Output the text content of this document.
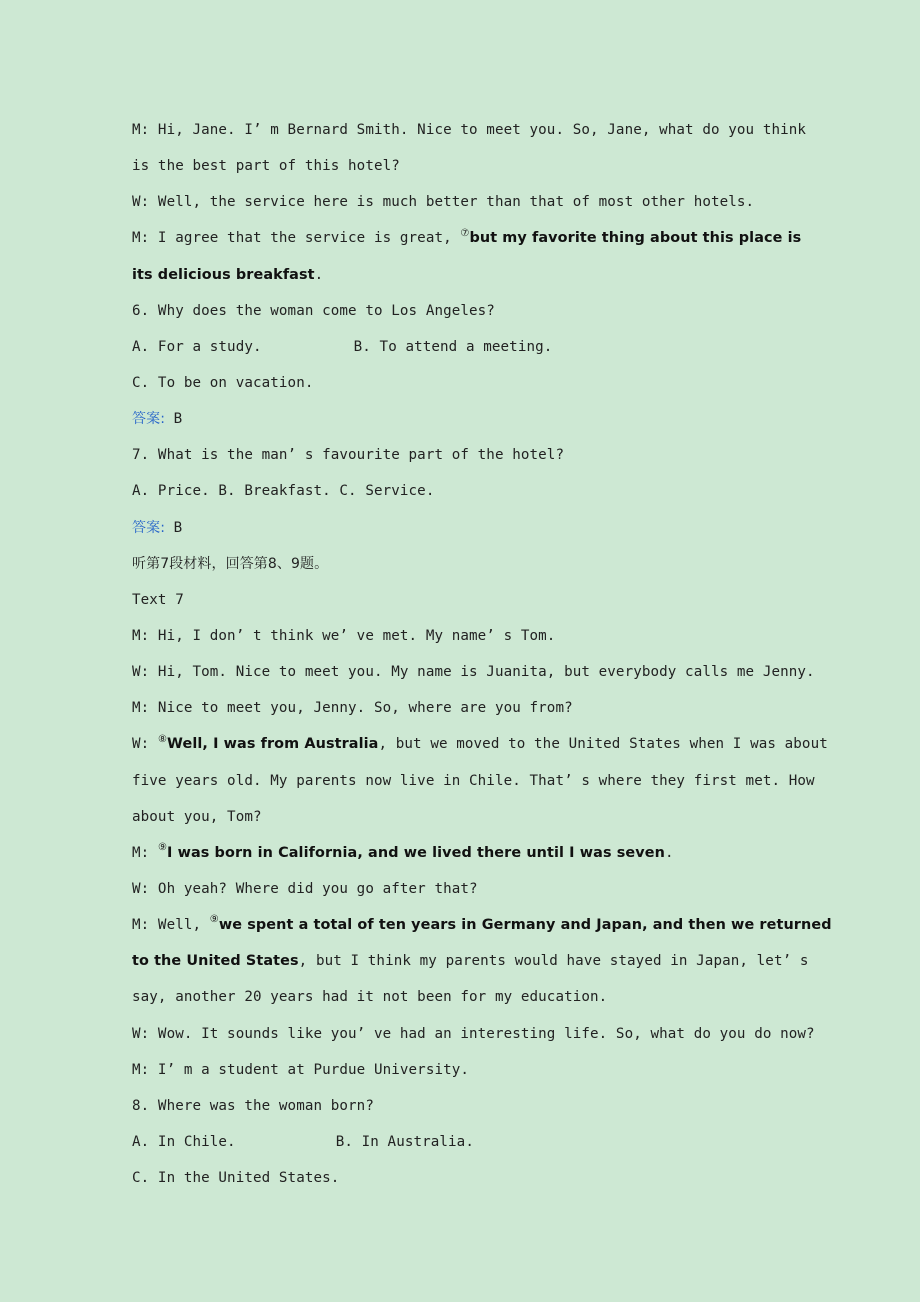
M: Hi, Jane. I’ m Bernard Smith. Nice to meet you. So, Jane, what do you think
is the best part of this hotel?
W: Well, the service here is much better than that of most other hotels.
M: I agree that the service is great, ⑦but my favorite thing about this place is
its delicious breakfast.
6. Why does the woman come to Los Angeles?
A. For a study.	B. To attend a meeting.
C. To be on vacation.
答案: B
7. What is the man’ s favourite part of the hotel?
A. Price. B. Breakfast. C. Service.
答案: B
听第7段材料，回答第8、9题。
Text 7
M: Hi, I don’ t think we’ ve met. My name’ s Tom.
W: Hi, Tom. Nice to meet you. My name is Juanita, but everybody calls me Jenny.
M: Nice to meet you, Jenny. So, where are you from?
W: ⑧Well, I was from Australia, but we moved to the United States when I was about
five years old. My parents now live in Chile. That’ s where they first met. How
about you, Tom?
M: ⑨I was born in California, and we lived there until I was seven.
W: Oh yeah? Where did you go after that?
M: Well, ⑨we spent a total of ten years in Germany and Japan, and then we returned
to the United States, but I think my parents would have stayed in Japan, let’ s
say, another 20 years had it not been for my education.
W: Wow. It sounds like you’ ve had an interesting life. So, what do you do now?
M: I’ m a student at Purdue University.
8. Where was the woman born?
A. In Chile.	B. In Australia.
C. In the United States.
